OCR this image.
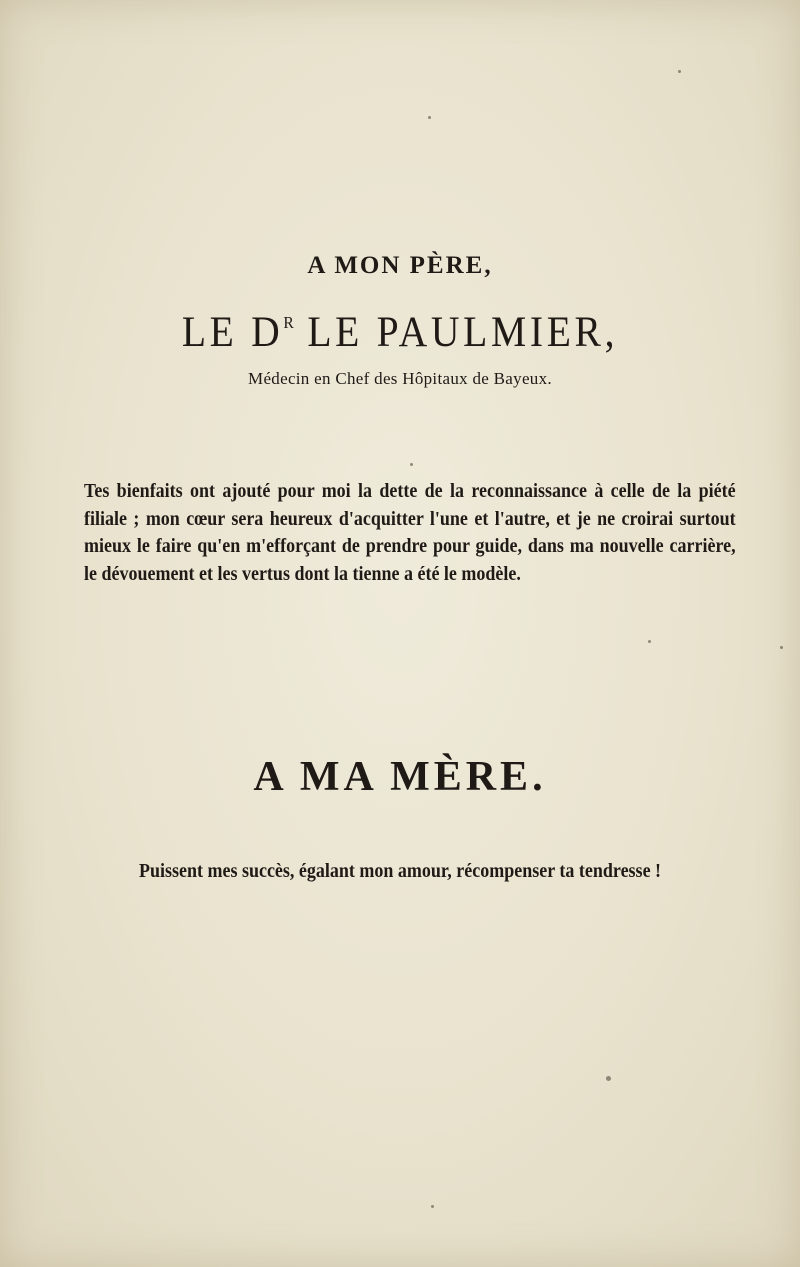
A MON PÈRE,
LE $D^R$ LE PAULMIER,
Médecin en Chef des Hôpitaux de Bayeux.
Tes bienfaits ont ajouté pour moi la dette de la reconnaissance à celle de la piété filiale ; mon cœur sera heureux d'acquitter l'une et l'autre, et je ne croirai surtout mieux le faire qu'en m'efforçant de prendre pour guide, dans ma nouvelle carrière, le dévouement et les vertus dont la tienne a été le modèle.
A MA MÈRE.
Puissent mes succès, égalant mon amour, récompenser ta tendresse !
